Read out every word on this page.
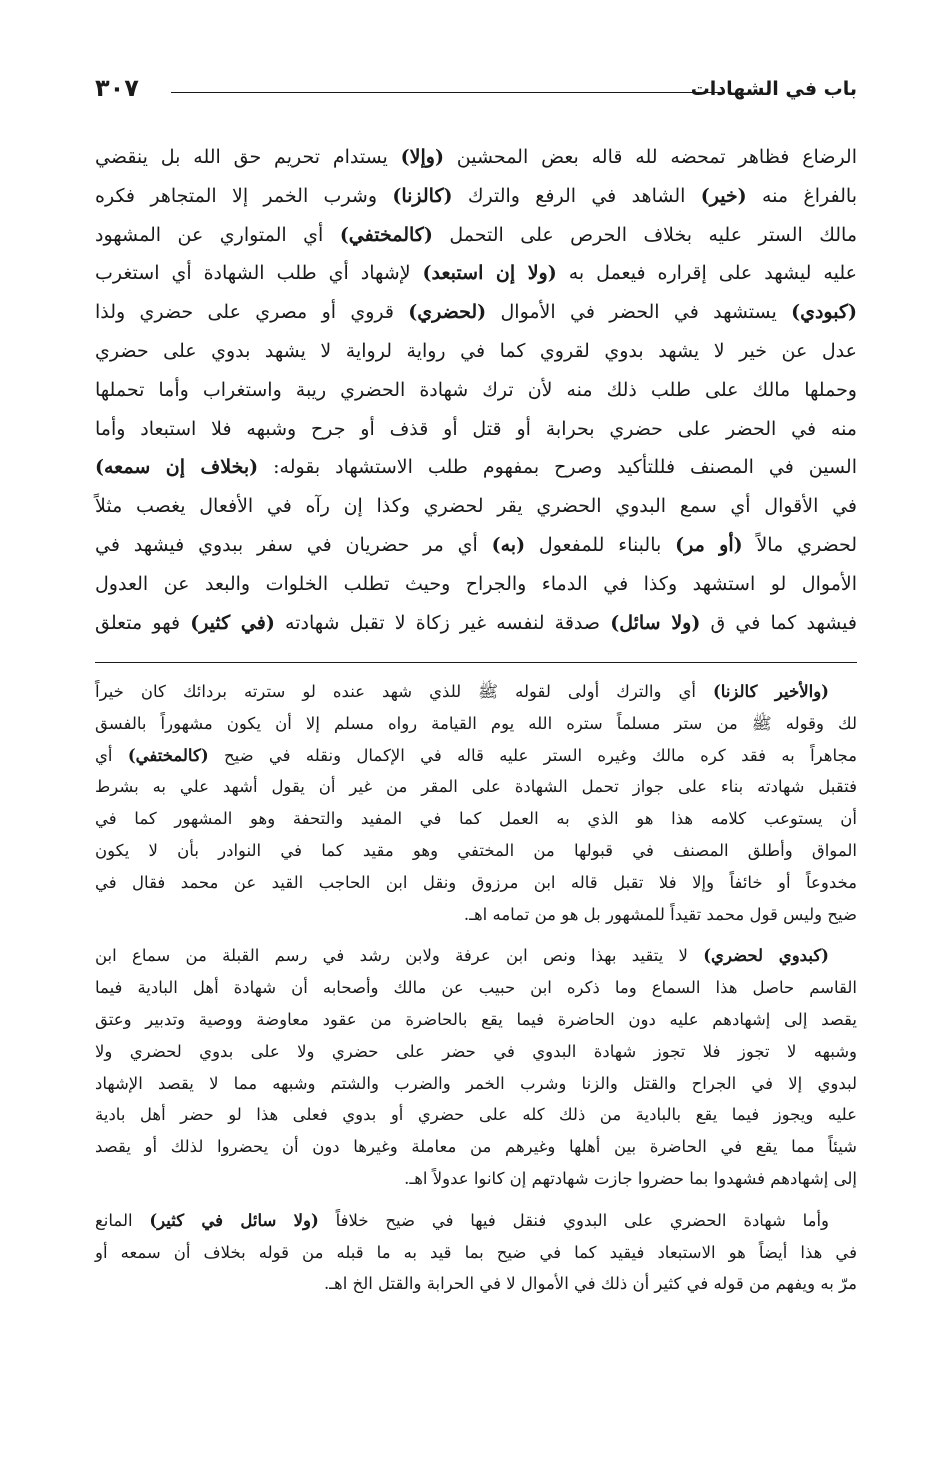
باب في الشهادات
٣٠٧
الرضاع فظاهر تمحضه لله قاله بعض المحشين (وإلا) يستدام تحريم حق الله بل ينقضي
بالفراغ منه (خير) الشاهد في الرفع والترك (كالزنا) وشرب الخمر إلا المتجاهر فكره
مالك الستر عليه بخلاف الحرص على التحمل (كالمختفي) أي المتواري عن المشهود
عليه ليشهد على إقراره فيعمل به (ولا إن استبعد) لإشهاد أي طلب الشهادة أي استغرب
(كبودي) يستشهد في الحضر في الأموال (لحضري) قروي أو مصري على حضري ولذا
عدل عن خير لا يشهد بدوي لقروي كما في رواية لرواية لا يشهد بدوي على حضري
وحملها مالك على طلب ذلك منه لأن ترك شهادة الحضري ريبة واستغراب وأما تحملها
منه في الحضر على حضري بحرابة أو قتل أو قذف أو جرح وشبهه فلا استبعاد وأما
السين في المصنف فللتأكيد وصرح بمفهوم طلب الاستشهاد بقوله: (بخلاف إن سمعه)
في الأقوال أي سمع البدوي الحضري يقر لحضري وكذا إن رآه في الأفعال يغصب مثلاً
لحضري مالاً (أو مر) بالبناء للمفعول (به) أي مر حضريان في سفر ببدوي فيشهد في
الأموال لو استشهد وكذا في الدماء والجراح وحيث تطلب الخلوات والبعد عن العدول
فيشهد كما في ق (ولا سائل) صدقة لنفسه غير زكاة لا تقبل شهادته (في كثير) فهو متعلق
(والأخير كالزنا) أي والترك أولى لقوله ﷺ للذي شهد عنده لو سترته بردائك كان خيراً
لك وقوله ﷺ من ستر مسلماً ستره الله يوم القيامة رواه مسلم إلا أن يكون مشهوراً بالفسق
مجاهراً به فقد كره مالك وغيره الستر عليه قاله في الإكمال ونقله في ضيح (كالمختفي) أي
فتقبل شهادته بناء على جواز تحمل الشهادة على المقر من غير أن يقول أشهد علي به بشرط
أن يستوعب كلامه هذا هو الذي به العمل كما في المفيد والتحفة وهو المشهور كما في
المواق وأطلق المصنف في قبولها من المختفي وهو مقيد كما في النوادر بأن لا يكون
مخدوعاً أو خائفاً وإلا فلا تقبل قاله ابن مرزوق ونقل ابن الحاجب القيد عن محمد فقال في
ضيح وليس قول محمد تقيداً للمشهور بل هو من تمامه اهـ.
(كبدوي لحضري) لا يتقيد بهذا ونص ابن عرفة ولابن رشد في رسم القبلة من سماع ابن
القاسم حاصل هذا السماع وما ذكره ابن حبيب عن مالك وأصحابه أن شهادة أهل البادية فيما
يقصد إلى إشهادهم عليه دون الحاضرة فيما يقع بالحاضرة من عقود معاوضة ووصية وتدبير وعتق
وشبهه لا تجوز فلا تجوز شهادة البدوي في حضر على حضري ولا على بدوي لحضري ولا
لبدوي إلا في الجراح والقتل والزنا وشرب الخمر والضرب والشتم وشبهه مما لا يقصد الإشهاد
عليه ويجوز فيما يقع بالبادية من ذلك كله على حضري أو بدوي فعلى هذا لو حضر أهل بادية
شيئاً مما يقع في الحاضرة بين أهلها وغيرهم من معاملة وغيرها دون أن يحضروا لذلك أو يقصد
إلى إشهادهم فشهدوا بما حضروا جازت شهادتهم إن كانوا عدولاً اهـ.
وأما شهادة الحضري على البدوي فنقل فيها في ضيح خلافاً (ولا سائل في كثير) المانع
في هذا أيضاً هو الاستبعاد فيقيد كما في ضيح بما قيد به ما قبله من قوله بخلاف أن سمعه أو
مرّ به ويفهم من قوله في كثير أن ذلك في الأموال لا في الحرابة والقتل الخ اهـ.
